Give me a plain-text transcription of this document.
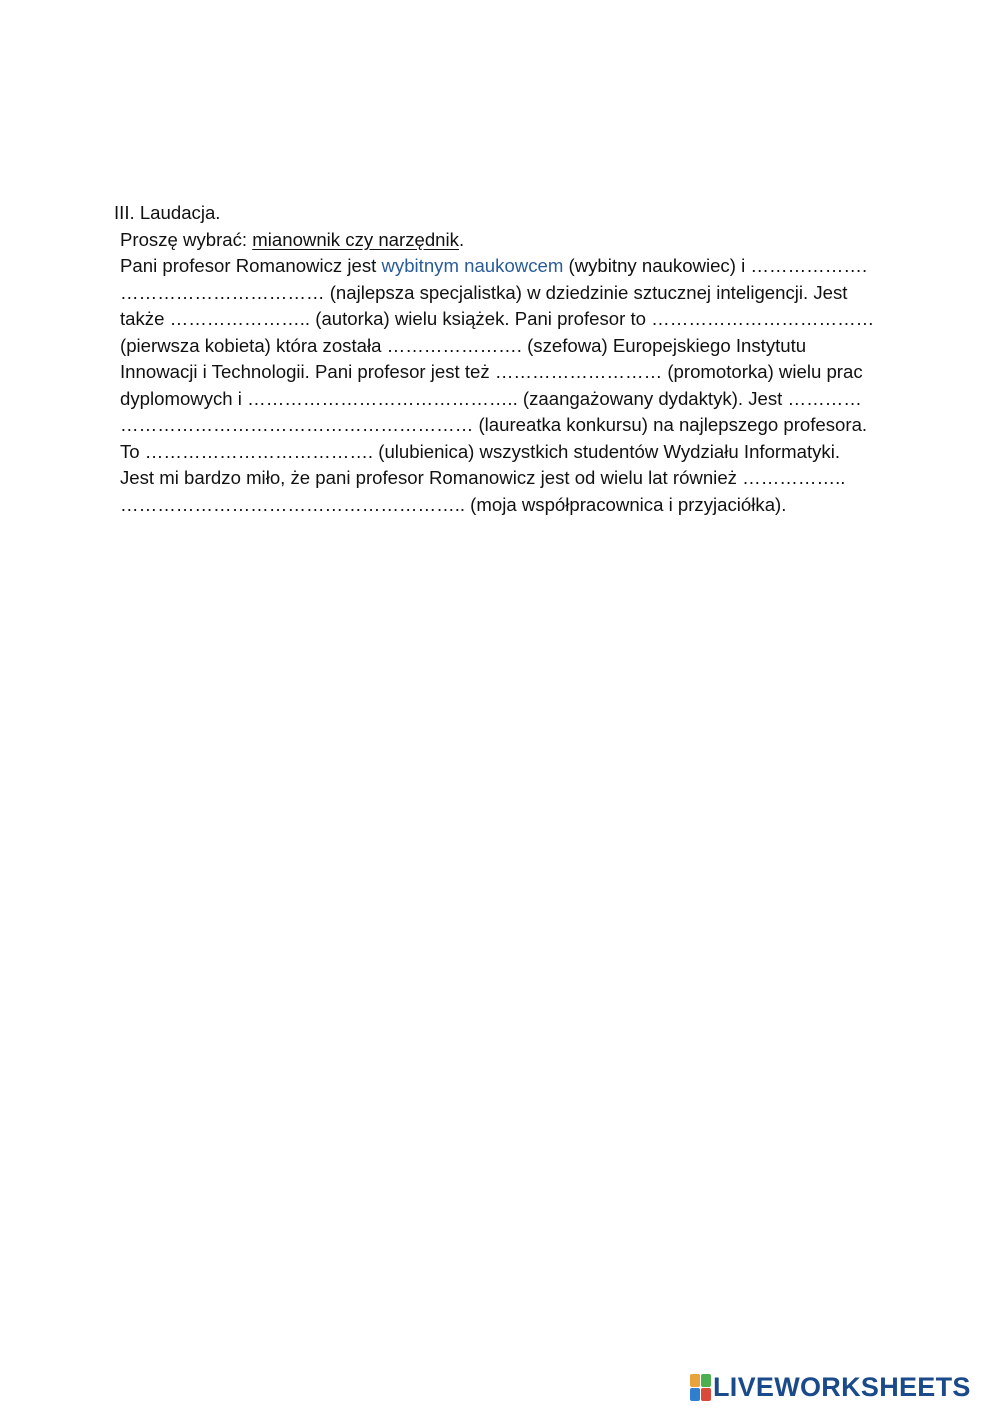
III. Laudacja.
Proszę wybrać: mianownik czy narzędnik.
Pani profesor Romanowicz jest wybitnym naukowcem (wybitny naukowiec) i ……………….
…………………………… (najlepsza specjalistka) w dziedzinie sztucznej inteligencji. Jest
także ………………….. (autorka) wielu książek. Pani profesor to ………………………………
(pierwsza kobieta) która została …………………. (szefowa) Europejskiego Instytutu
Innowacji i Technologii. Pani profesor jest też ……………………… (promotorka) wielu prac
dyplomowych i …………………………………….. (zaangażowany dydaktyk). Jest …………
………………………………………………… (laureatka konkursu) na najlepszego profesora.
To ………………………………. (ulubienica) wszystkich studentów Wydziału Informatyki.
Jest mi bardzo miło, że pani profesor Romanowicz jest od wielu lat również ……………..
……………………………………………….. (moja współpracownica i przyjaciółka).
LIVEWORKSHEETS
